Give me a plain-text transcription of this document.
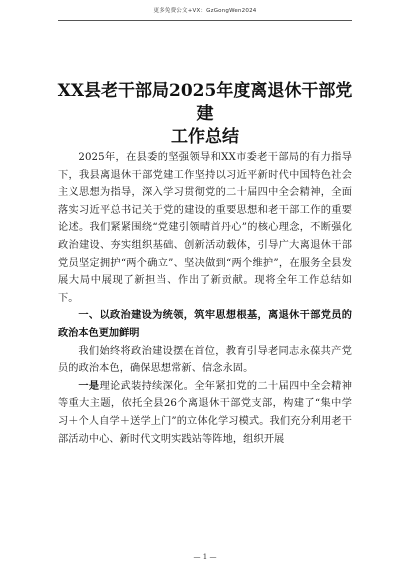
更多免费公文+VX：GzGongWen2024
XX县老干部局2025年度离退休干部党建
工作总结

2025年，在县委的坚强领导和XX市委老干部局的有力指导下，我县离退休干部党建工作坚持以习近平新时代中国特色社会主义思想为指导，深入学习贯彻党的二十届四中全会精神，全面落实习近平总书记关于党的建设的重要思想和老干部工作的重要论述。我们紧紧围绕“党建引领晴首丹心”的核心理念，不断强化政治建设、夯实组织基础、创新活动载体，引导广大离退休干部党员坚定拥护“两个确立”、坚决做到“两个维护”，在服务全县发展大局中展现了新担当、作出了新贡献。现将全年工作总结如下。

一、以政治建设为统领，筑牢思想根基，离退休干部党员的政治本色更加鲜明

我们始终将政治建设摆在首位，教育引导老同志永葆共产党员的政治本色，确保思想常新、信念永固。

一是理论武装持续深化。全年紧扣党的二十届四中全会精神等重大主题，依托全县26个离退休干部党支部，构建了“集中学习＋个人自学＋送学上门”的立体化学习模式。我们充分利用老干部活动中心、新时代文明实践站等阵地，组织开展

— 1 —
